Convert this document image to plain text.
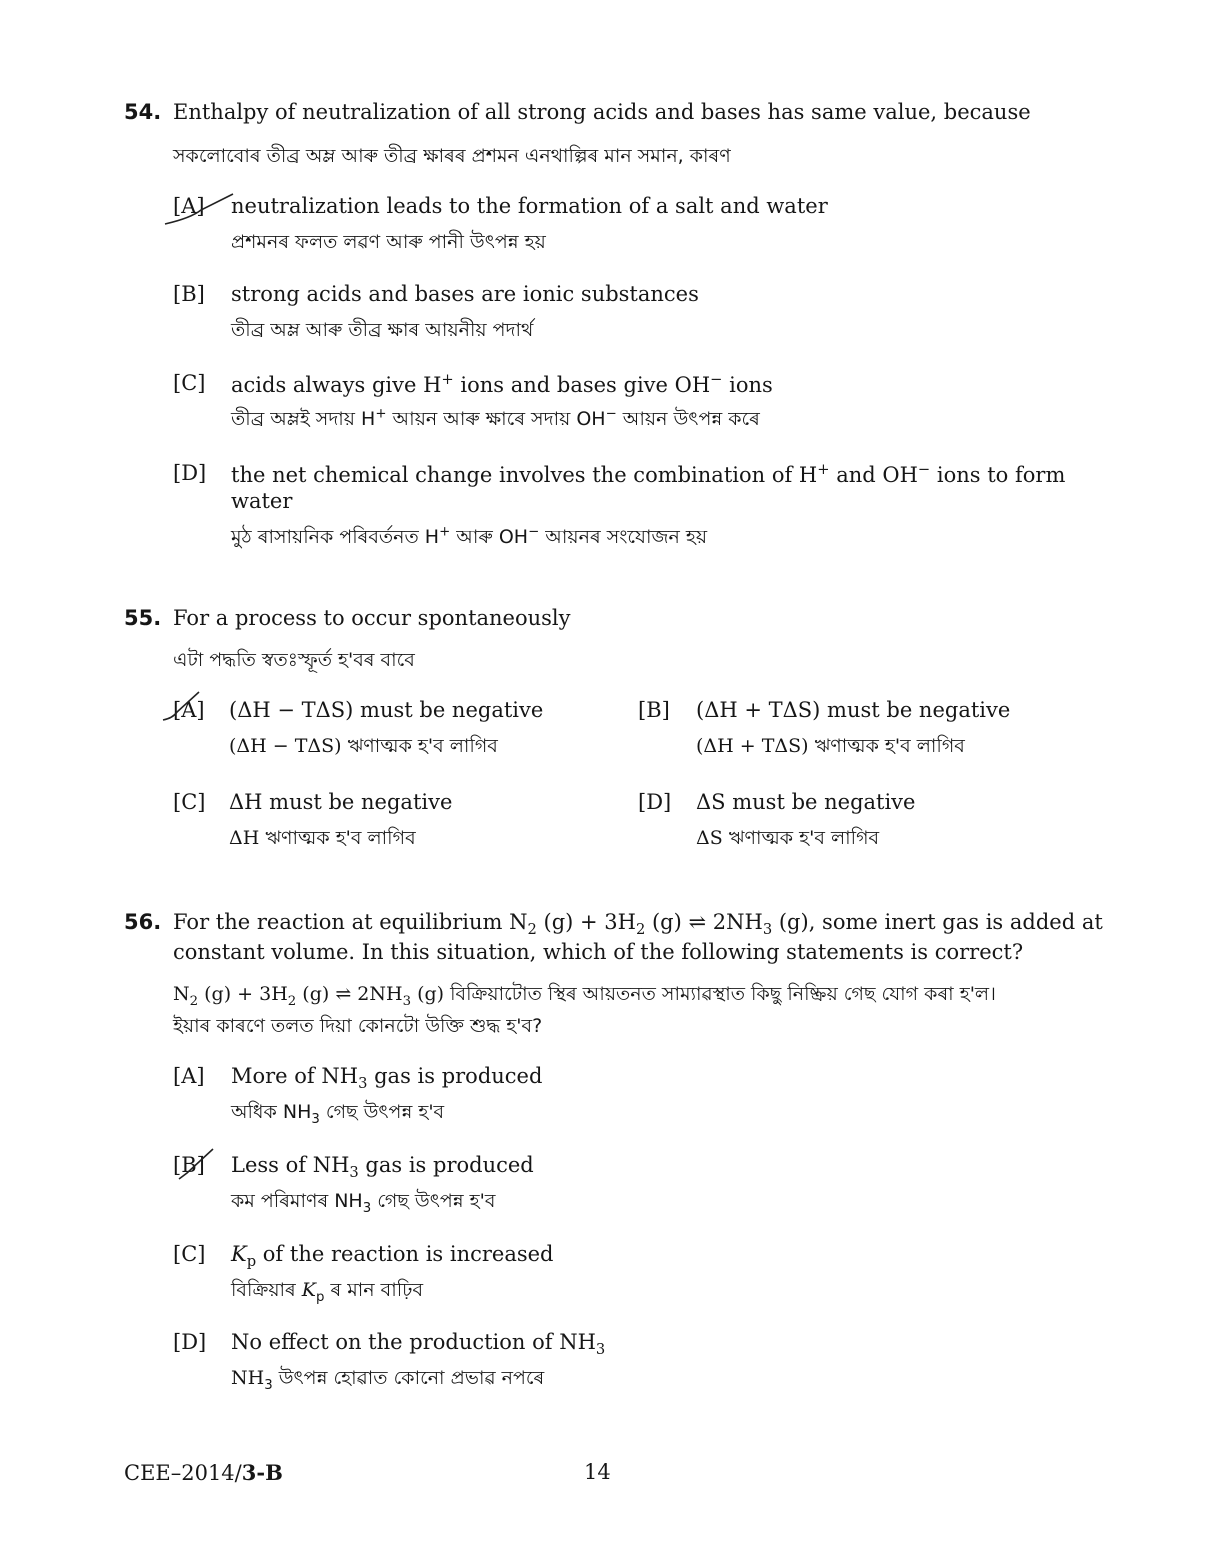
54. Enthalpy of neutralization of all strong acids and bases has same value, because
সকলোবোৰ তীব্ৰ অম্ল আৰু তীব্ৰ ক্ষাৰৰ প্ৰশমন এনথাল্পিৰ মান সমান, কাৰণ
[A] neutralization leads to the formation of a salt and water
প্ৰশমনৰ ফলত লৱণ আৰু পানী উৎপন্ন হয়
[B] strong acids and bases are ionic substances
তীব্ৰ অম্ল আৰু তীব্ৰ ক্ষাৰ আয়নীয় পদাৰ্থ
[C] acids always give H+ ions and bases give OH− ions
তীব্ৰ অম্লই সদায় H+ আয়ন আৰু ক্ষাৰে সদায় OH− আয়ন উৎপন্ন কৰে
[D] the net chemical change involves the combination of H+ and OH− ions to form
water
মুঠ ৰাসায়নিক পৰিবৰ্তনত H+ আৰু OH− আয়নৰ সংযোজন হয়
55. For a process to occur spontaneously
এটা পদ্ধতি স্বতঃস্ফূৰ্ত হ'বৰ বাবে
[A] (ΔH − TΔS) must be negative
(ΔH − TΔS) ঋণাত্মক হ'ব লাগিব
[B] (ΔH + TΔS) must be negative
(ΔH + TΔS) ঋণাত্মক হ'ব লাগিব
[C] ΔH must be negative
ΔH ঋণাত্মক হ'ব লাগিব
[D] ΔS must be negative
ΔS ঋণাত্মক হ'ব লাগিব
56. For the reaction at equilibrium $N_2$ $(g) + 3H_2$ (g) ⇌ $2NH_3$ (g), some inert gas is added at
constant volume. In this situation, which of the following statements is correct?
$N_2$ $(g) + 3H_2$ (g) ⇌ $2NH_3$ (g) বিক্ৰিয়াটোত স্থিৰ আয়তনত সাম্যাৱস্থাত কিছু নিষ্ক্ৰিয় গেছ যোগ কৰা হ'ল।
ইয়াৰ কাৰণে তলত দিয়া কোনটো উক্তি শুদ্ধ হ'ব?
[A] More of $NH_3$ gas is produced
অধিক $NH_3$ গেছ উৎপন্ন হ'ব
[B] Less of $NH_3$ gas is produced
কম পৰিমাণৰ $NH_3$ গেছ উৎপন্ন হ'ব
[C] $K_p$ of the reaction is increased
বিক্ৰিয়াৰ $K_p$ ৰ মান বাঢ়িব
[D] No effect on the production of $NH_3$
$NH_3$ উৎপন্ন হোৱাত কোনো প্ৰভাৱ নপৰে
CEE–2014/3-B	14
